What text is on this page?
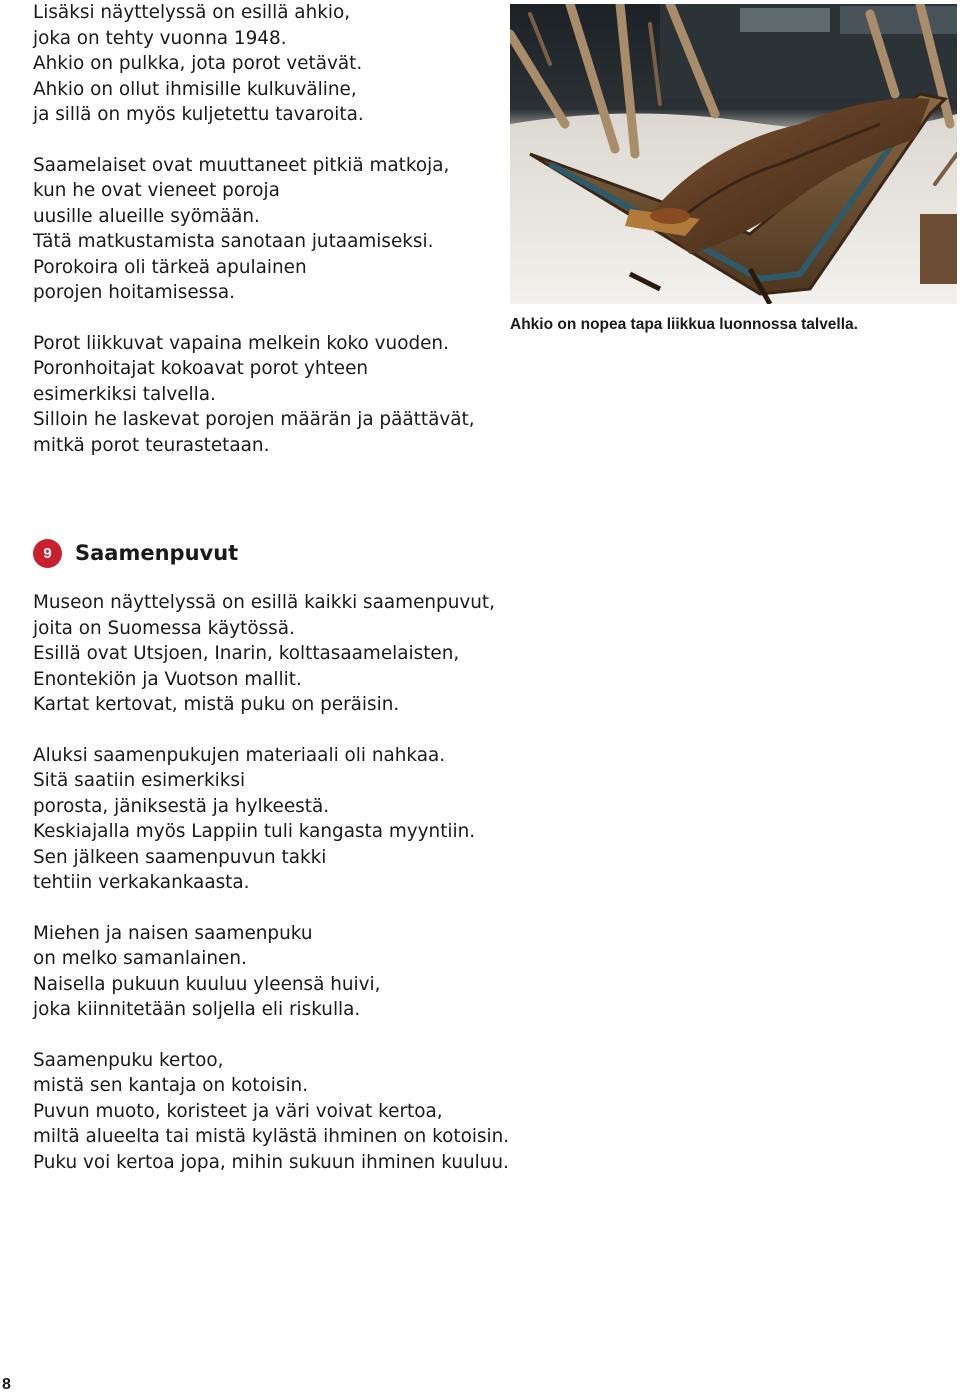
Lisäksi näyttelyssä on esillä ahkio,
joka on tehty vuonna 1948.
Ahkio on pulkka, jota porot vetävät.
Ahkio on ollut ihmisille kulkuväline,
ja sillä on myös kuljetettu tavaroita.

Saamelaiset ovat muuttaneet pitkiä matkoja,
kun he ovat vieneet poroja
uusille alueille syömään.
Tätä matkustamista sanotaan jutaamiseksi.
Porokoira oli tärkeä apulainen
porojen hoitamisessa.

Porot liikkuvat vapaina melkein koko vuoden.
Poronhoitajat kokoavat porot yhteen
esimerkiksi talvella.
Silloin he laskevat porojen määrän ja päättävät,
mitkä porot teurastetaan.

Ahkio on nopea tapa liikkua luonnossa talvella.
9	Saamenpuvut

Museon näyttelyssä on esillä kaikki saamenpuvut,
joita on Suomessa käytössä.
Esillä ovat Utsjoen, Inarin, kolttasaamelaisten,
Enontekiön ja Vuotson mallit.
Kartat kertovat, mistä puku on peräisin.

Aluksi saamenpukujen materiaali oli nahkaa.
Sitä saatiin esimerkiksi
porosta, jäniksestä ja hylkeestä.
Keskiajalla myös Lappiin tuli kangasta myyntiin.
Sen jälkeen saamenpuvun takki
tehtiin verkakankaasta.

Miehen ja naisen saamenpuku
on melko samanlainen.
Naisella pukuun kuuluu yleensä huivi,
joka kiinnitetään soljella eli riskulla.

Saamenpuku kertoo,
mistä sen kantaja on kotoisin.
Puvun muoto, koristeet ja väri voivat kertoa,
miltä alueelta tai mistä kylästä ihminen on kotoisin.
Puku voi kertoa jopa, mihin sukuun ihminen kuuluu.

8
